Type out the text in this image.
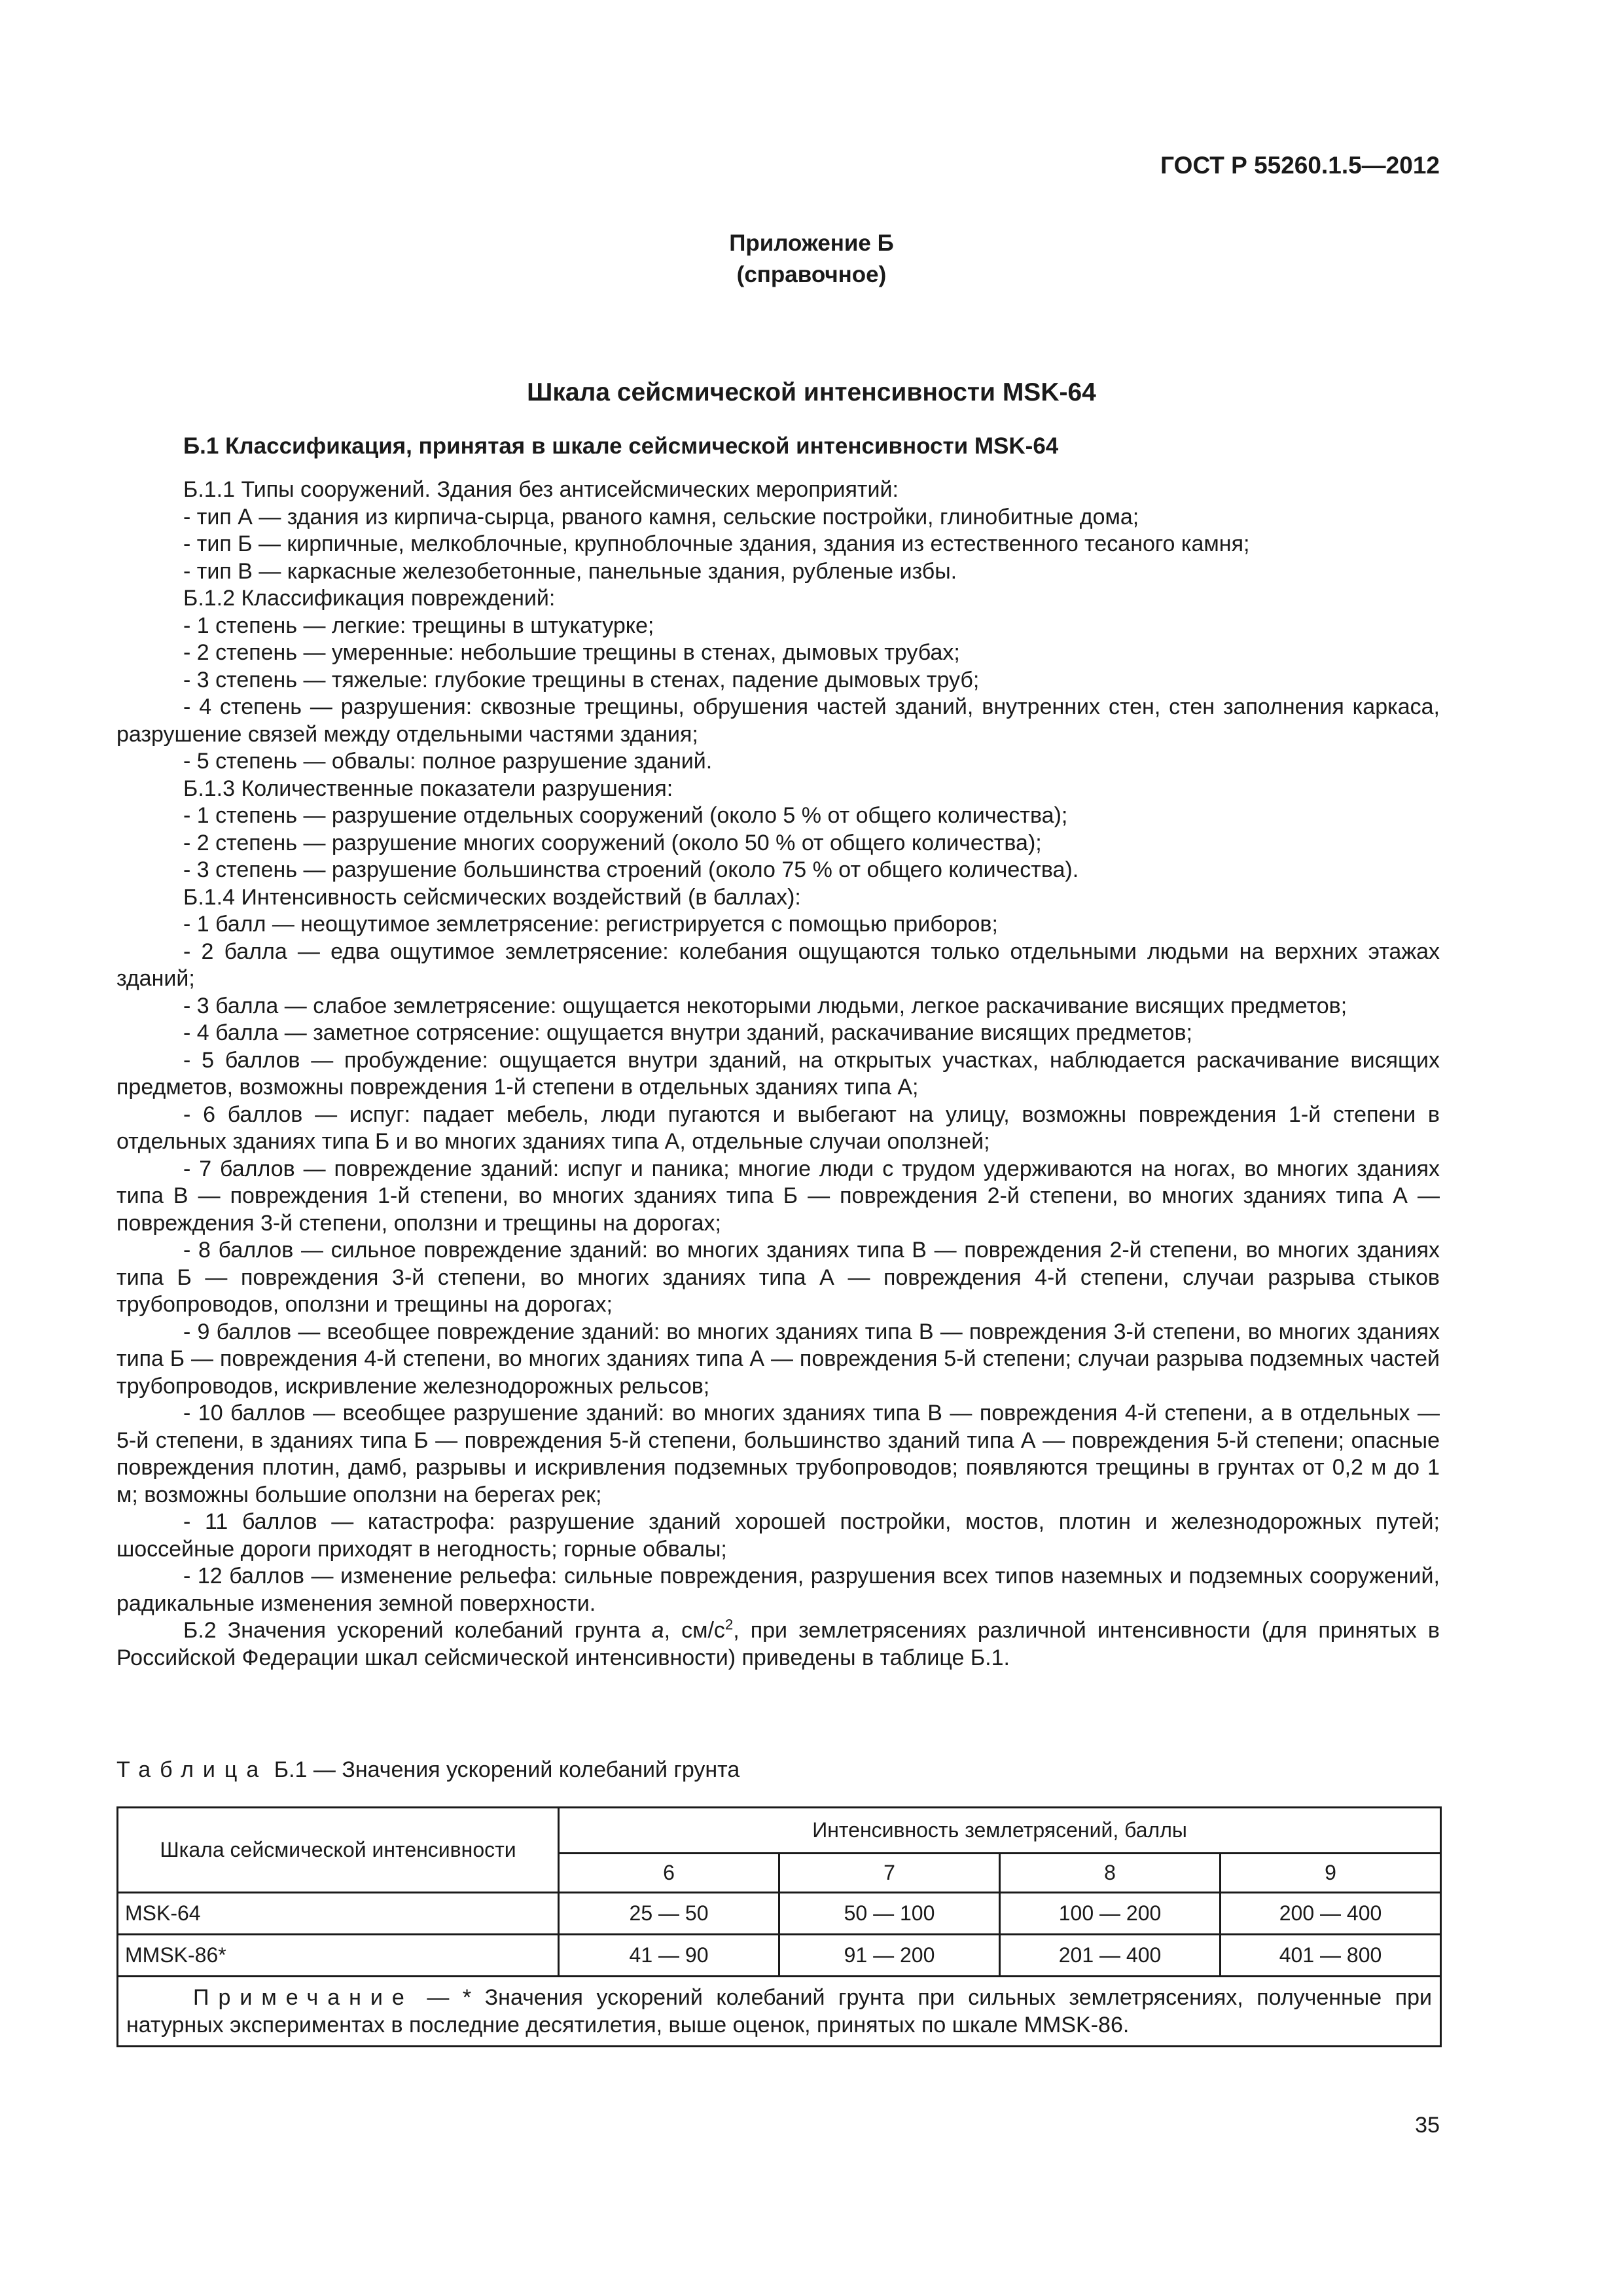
ГОСТ Р 55260.1.5—2012
Приложение Б
(справочное)
Шкала сейсмической интенсивности MSK-64
Б.1 Классификация, принятая в шкале сейсмической интенсивности MSK-64

Б.1.1 Типы сооружений. Здания без антисейсмических мероприятий:

- тип А — здания из кирпича-сырца, рваного камня, сельские постройки, глинобитные дома;

- тип Б — кирпичные, мелкоблочные, крупноблочные здания, здания из естественного тесаного камня;

- тип В — каркасные железобетонные, панельные здания, рубленые избы.

Б.1.2 Классификация повреждений:

- 1 степень — легкие: трещины в штукатурке;

- 2 степень — умеренные: небольшие трещины в стенах, дымовых трубах;

- 3 степень — тяжелые: глубокие трещины в стенах, падение дымовых труб;

- 4 степень — разрушения: сквозные трещины, обрушения частей зданий, внутренних стен, стен заполнения каркаса, разрушение связей между отдельными частями здания;

- 5 степень — обвалы: полное разрушение зданий.

Б.1.3 Количественные показатели разрушения:

- 1 степень — разрушение отдельных сооружений (около 5 % от общего количества);

- 2 степень — разрушение многих сооружений (около 50 % от общего количества);

- 3 степень — разрушение большинства строений (около 75 % от общего количества).

Б.1.4 Интенсивность сейсмических воздействий (в баллах):

- 1 балл — неощутимое землетрясение: регистрируется с помощью приборов;

- 2 балла — едва ощутимое землетрясение: колебания ощущаются только отдельными людьми на верхних этажах зданий;

- 3 балла — слабое землетрясение: ощущается некоторыми людьми, легкое раскачивание висящих предметов;

- 4 балла — заметное сотрясение: ощущается внутри зданий, раскачивание висящих предметов;

- 5 баллов — пробуждение: ощущается внутри зданий, на открытых участках, наблюдается раскачивание висящих предметов, возможны повреждения 1-й степени в отдельных зданиях типа А;

- 6 баллов — испуг: падает мебель, люди пугаются и выбегают на улицу, возможны повреждения 1-й степени в отдельных зданиях типа Б и во многих зданиях типа А, отдельные случаи оползней;

- 7 баллов — повреждение зданий: испуг и паника; многие люди с трудом удерживаются на ногах, во многих зданиях типа В — повреждения 1-й степени, во многих зданиях типа Б — повреждения 2-й степени, во многих зданиях типа А — повреждения 3-й степени, оползни и трещины на дорогах;

- 8 баллов — сильное повреждение зданий: во многих зданиях типа В — повреждения 2-й степени, во многих зданиях типа Б — повреждения 3-й степени, во многих зданиях типа А — повреждения 4-й степени, случаи разрыва стыков трубопроводов, оползни и трещины на дорогах;

- 9 баллов — всеобщее повреждение зданий: во многих зданиях типа В — повреждения 3-й степени, во многих зданиях типа Б — повреждения 4-й степени, во многих зданиях типа А — повреждения 5-й степени; случаи разрыва подземных частей трубопроводов, искривление железнодорожных рельсов;

- 10 баллов — всеобщее разрушение зданий: во многих зданиях типа В — повреждения 4-й степени, а в отдельных — 5-й степени, в зданиях типа Б — повреждения 5-й степени, большинство зданий типа А — повреждения 5-й степени; опасные повреждения плотин, дамб, разрывы и искривления подземных трубопроводов; появляются трещины в грунтах от 0,2 м до 1 м; возможны большие оползни на берегах рек;

- 11 баллов — катастрофа: разрушение зданий хорошей постройки, мостов, плотин и железнодорожных путей; шоссейные дороги приходят в негодность; горные обвалы;

- 12 баллов — изменение рельефа: сильные повреждения, разрушения всех типов наземных и подземных сооружений, радикальные изменения земной поверхности.

Б.2 Значения ускорений колебаний грунта a, $см/с^2$, при землетрясениях различной интенсивности (для принятых в Российской Федерации шкал сейсмической интенсивности) приведены в таблице Б.1.

Таблица Б.1 — Значения ускорений колебаний грунта
Шкала сейсмической интенсивности	Интенсивность землетрясений, баллы			
	6	7	8	9
MSK-64	25 — 50	50 — 100	100 — 200	200 — 400
MMSK-86*	41 — 90	91 — 200	201 — 400	401 — 800
Примечание — * Значения ускорений колебаний грунта при сильных землетрясениях, полученные при натурных экспериментах в последние десятилетия, выше оценок, принятых по шкале MMSK-86.				
35
